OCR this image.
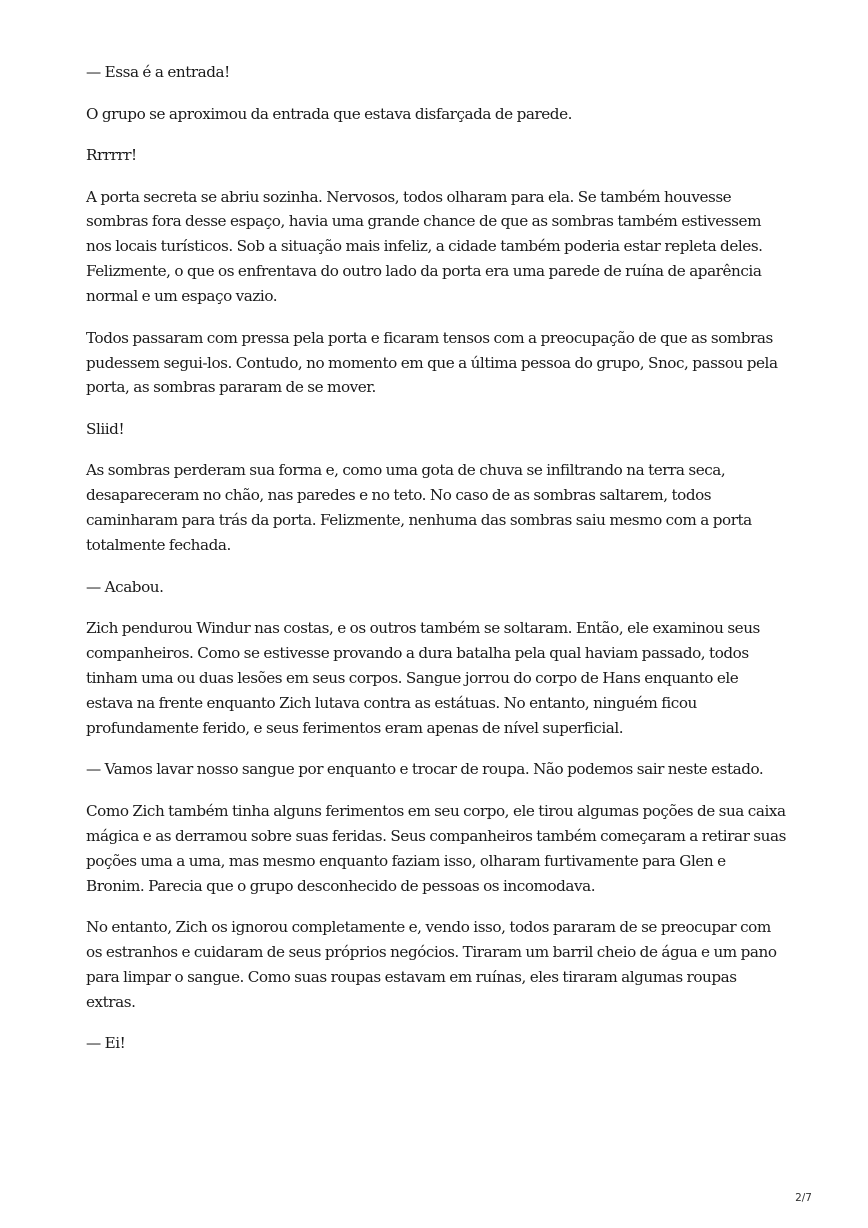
— Essa é a entrada!

O grupo se aproximou da entrada que estava disfarçada de parede.

Rrrrrr!

A porta secreta se abriu sozinha. Nervosos, todos olharam para ela. Se também houvesse sombras fora desse espaço, havia uma grande chance de que as sombras também estivessem nos locais turísticos. Sob a situação mais infeliz, a cidade também poderia estar repleta deles. Felizmente, o que os enfrentava do outro lado da porta era uma parede de ruína de aparência normal e um espaço vazio.

Todos passaram com pressa pela porta e ficaram tensos com a preocupação de que as sombras pudessem segui-los. Contudo, no momento em que a última pessoa do grupo, Snoc, passou pela porta, as sombras pararam de se mover.

Sliid!

As sombras perderam sua forma e, como uma gota de chuva se infiltrando na terra seca, desapareceram no chão, nas paredes e no teto. No caso de as sombras saltarem, todos caminharam para trás da porta. Felizmente, nenhuma das sombras saiu mesmo com a porta totalmente fechada.

— Acabou.

Zich pendurou Windur nas costas, e os outros também se soltaram. Então, ele examinou seus companheiros. Como se estivesse provando a dura batalha pela qual haviam passado, todos tinham uma ou duas lesões em seus corpos. Sangue jorrou do corpo de Hans enquanto ele estava na frente enquanto Zich lutava contra as estátuas. No entanto, ninguém ficou profundamente ferido, e seus ferimentos eram apenas de nível superficial.

— Vamos lavar nosso sangue por enquanto e trocar de roupa. Não podemos sair neste estado.

Como Zich também tinha alguns ferimentos em seu corpo, ele tirou algumas poções de sua caixa mágica e as derramou sobre suas feridas. Seus companheiros também começaram a retirar suas poções uma a uma, mas mesmo enquanto faziam isso, olharam furtivamente para Glen e Bronim. Parecia que o grupo desconhecido de pessoas os incomodava.

No entanto, Zich os ignorou completamente e, vendo isso, todos pararam de se preocupar com os estranhos e cuidaram de seus próprios negócios. Tiraram um barril cheio de água e um pano para limpar o sangue. Como suas roupas estavam em ruínas, eles tiraram algumas roupas extras.

— Ei!

2/7
